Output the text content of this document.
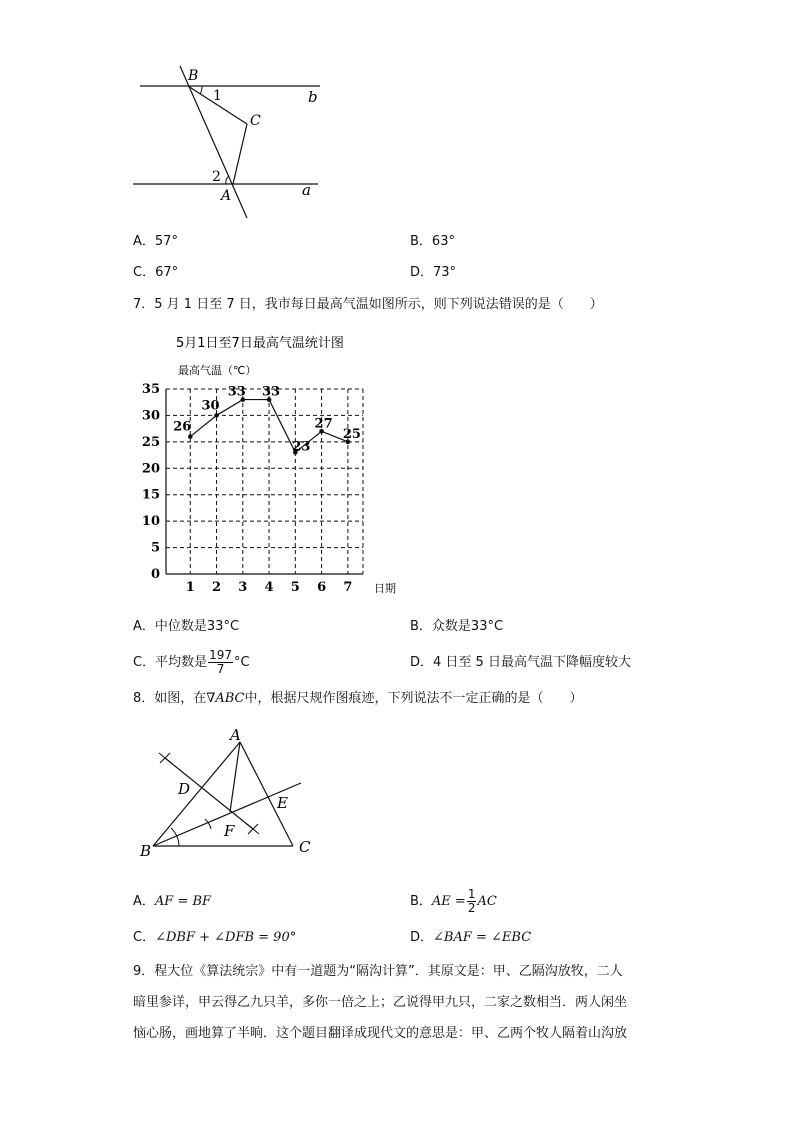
B
1	b
C
2
A	a
A．57°	B．63°
C．67°	D．73°
7．5 月 1 日至 7 日，我市每日最高气温如图所示，则下列说法错误的是（　　）
5月1日至7日最高气温统计图
最高气温（℃）
日期
0
5
10
15
20
25
30
35
1 2 3 4 5 6 7
26
30
33 33
23
27
25
A．中位数是33°C	B．众数是33°C
C．平均数是 $\frac{197}{7} ^\circ C$	D．4 日至 5 日最高气温下降幅度较大
8．如图，在∇ABC中，根据尺规作图痕迹，下列说法不一定正确的是（　　）
A
D
E
F
B	C
A．AF = BF	B．AE = $\frac{1}{2}$ AC
C．∠DBF + ∠DFB = 90°	D．∠BAF = ∠EBC
9．程大位《算法统宗》中有一道题为“隔沟计算”．其原文是：甲、乙隔沟放牧，二人
暗里参详，甲云得乙九只羊，多你一倍之上；乙说得甲九只，二家之数相当．两人闲坐
恼心肠，画地算了半晌．这个题目翻译成现代文的意思是：甲、乙两个牧人隔着山沟放
